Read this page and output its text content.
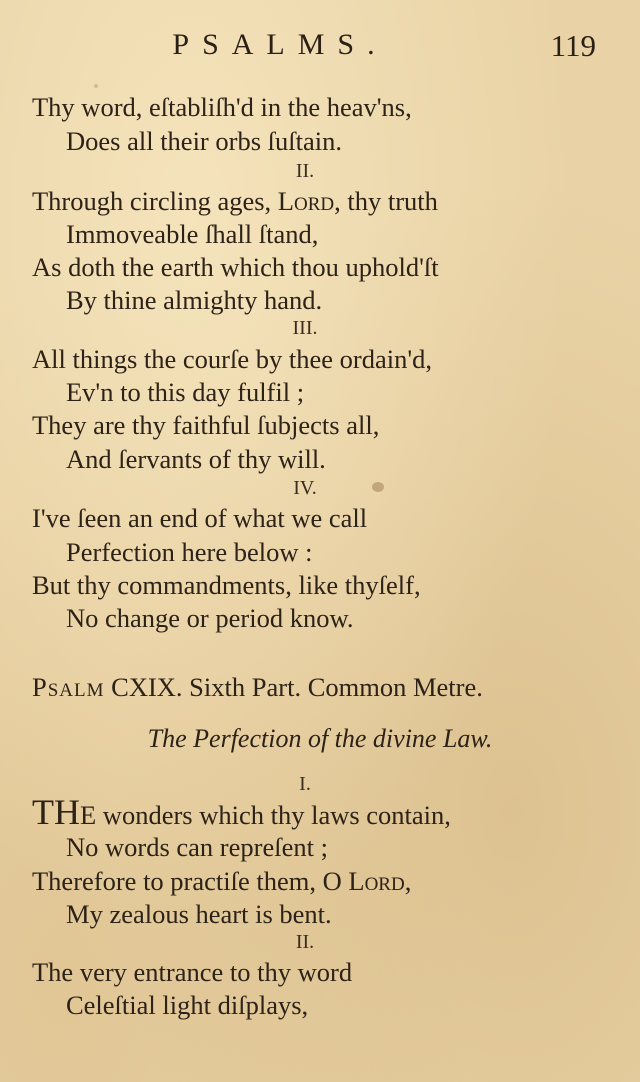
PSALMS.	119
Thy word, eſtabliſh'd in the heav'ns,
Does all their orbs ſuſtain.
II.
Through circling ages, Lord, thy truth
Immoveable ſhall ſtand,
As doth the earth which thou uphold'ſt
By thine almighty hand.
III.
All things the courſe by thee ordain'd,
Ev'n to this day fulfil ;
They are thy faithful ſubjects all,
And ſervants of thy will.
IV.
I've ſeen an end of what we call
Perfection here below :
But thy commandments, like thyſelf,
No change or period know.
Psalm CXIX. Sixth Part. Common Metre.
The Perfection of the divine Law.
I.
THE wonders which thy laws contain,
No words can repreſent ;
Therefore to practiſe them, O Lord,
My zealous heart is bent.
II.
The very entrance to thy word
Celeſtial light diſplays,
